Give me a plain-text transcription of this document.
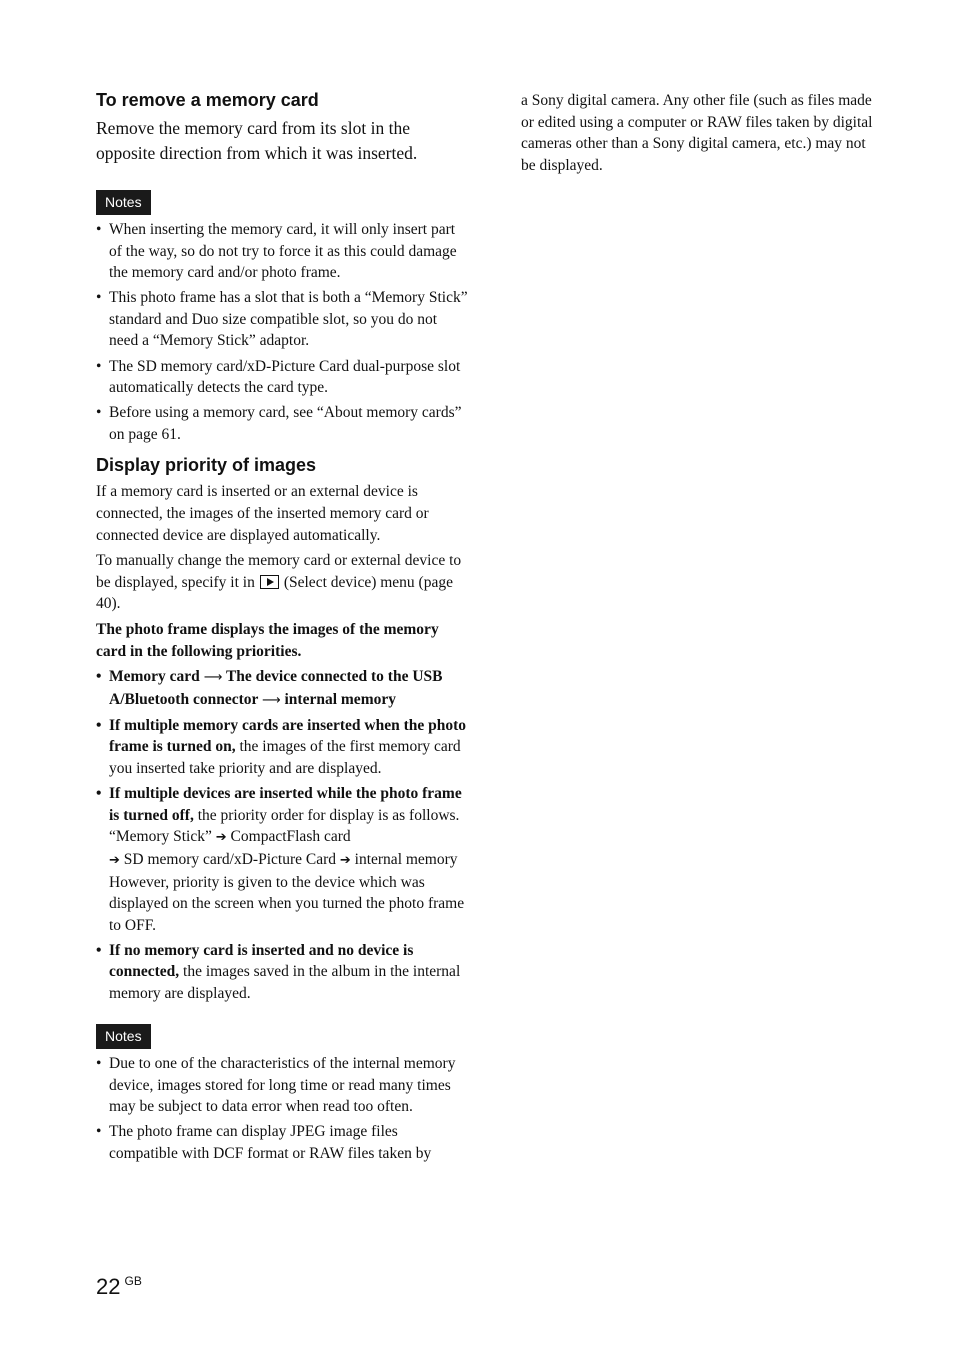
To remove a memory card

Remove the memory card from its slot in the opposite direction from which it was inserted.

Notes
• When inserting the memory card, it will only insert part of the way, so do not try to force it as this could damage the memory card and/or photo frame.
• This photo frame has a slot that is both a “Memory Stick” standard and Duo size compatible slot, so you do not need a “Memory Stick” adaptor.
• The SD memory card/xD-Picture Card dual-purpose slot automatically detects the card type.
• Before using a memory card, see “About memory cards” on page 61.
Display priority of images

If a memory card is inserted or an external device is connected, the images of the inserted memory card or connected device are displayed automatically.

To manually change the memory card or external device to be displayed, specify it in (Select device) menu (page 40).

The photo frame displays the images of the memory card in the following priorities.

• Memory card ⟶ The device connected to the USB A/Bluetooth connector ⟶ internal memory
• If multiple memory cards are inserted when the photo frame is turned on, the images of the first memory card you inserted take priority and are displayed.
• If multiple devices are inserted while the photo frame is turned off, the priority order for display is as follows.
“Memory Stick” ➔ CompactFlash card
➔ SD memory card/xD-Picture Card ➔ internal memory
However, priority is given to the device which was displayed on the screen when you turned the photo frame to OFF.
• If no memory card is inserted and no device is connected, the images saved in the album in the internal memory are displayed.
Notes
• Due to one of the characteristics of the internal memory device, images stored for long time or read many times may be subject to data error when read too often.
• The photo frame can display JPEG image files compatible with DCF format or RAW files taken by

a Sony digital camera. Any other file (such as files made or edited using a computer or RAW files taken by digital cameras other than a Sony digital camera, etc.) may not be displayed.

22 $^{GB}$
